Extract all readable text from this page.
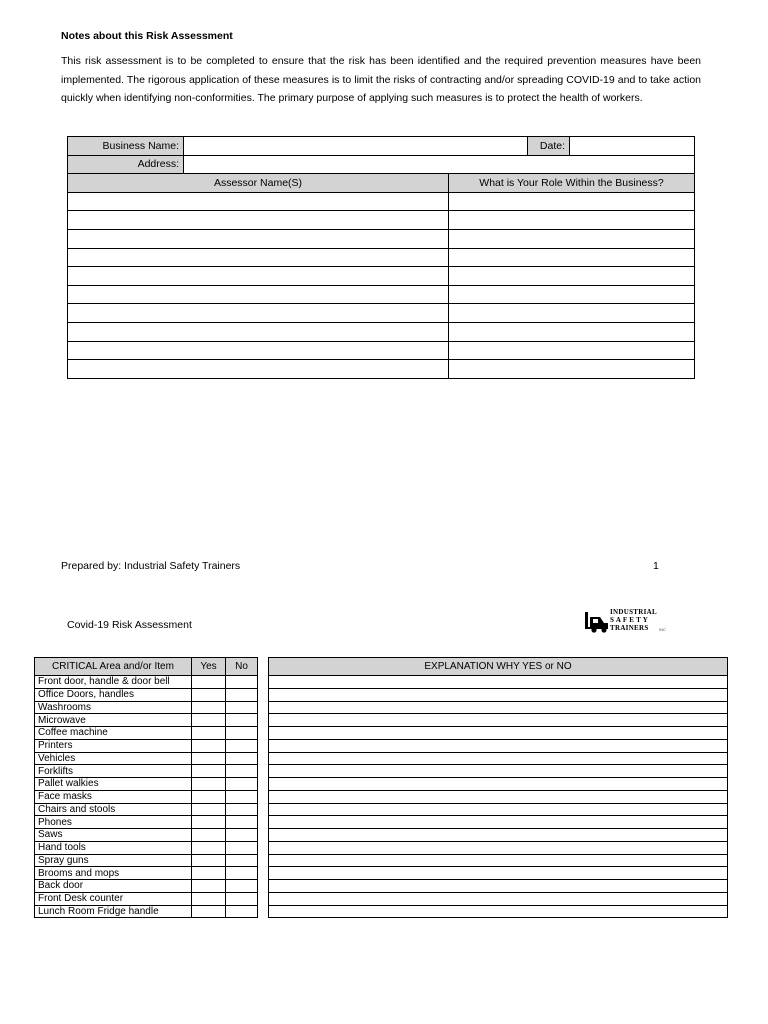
Notes about this Risk Assessment
This risk assessment is to be completed to ensure that the risk has been identified and the required prevention measures have been implemented. The rigorous application of these measures is to limit the risks of contracting and/or spreading COVID-19 and to take action quickly when identifying non-conformities. The primary purpose of applying such measures is to protect the health of workers.
Business Name:			Date:	
Address:				
Assessor Name(S)		What is Your Role Within the Business?		

Prepared by: Industrial Safety Trainers	1
Covid-19 Risk Assessment
INDUSTRIAL
S A F E T Y
TRAINERS	INC
CRITICAL Area and/or Item	Yes	No
Front door, handle & door bell		
Office Doors, handles		
Washrooms		
Microwave		
Coffee machine		
Printers		
Vehicles		
Forklifts		
Pallet walkies		
Face masks		
Chairs and stools		
Phones		
Saws		
Hand tools		
Spray guns		
Brooms and mops		
Back door		
Front Desk counter		
Lunch Room Fridge handle		
EXPLANATION WHY YES or NO
